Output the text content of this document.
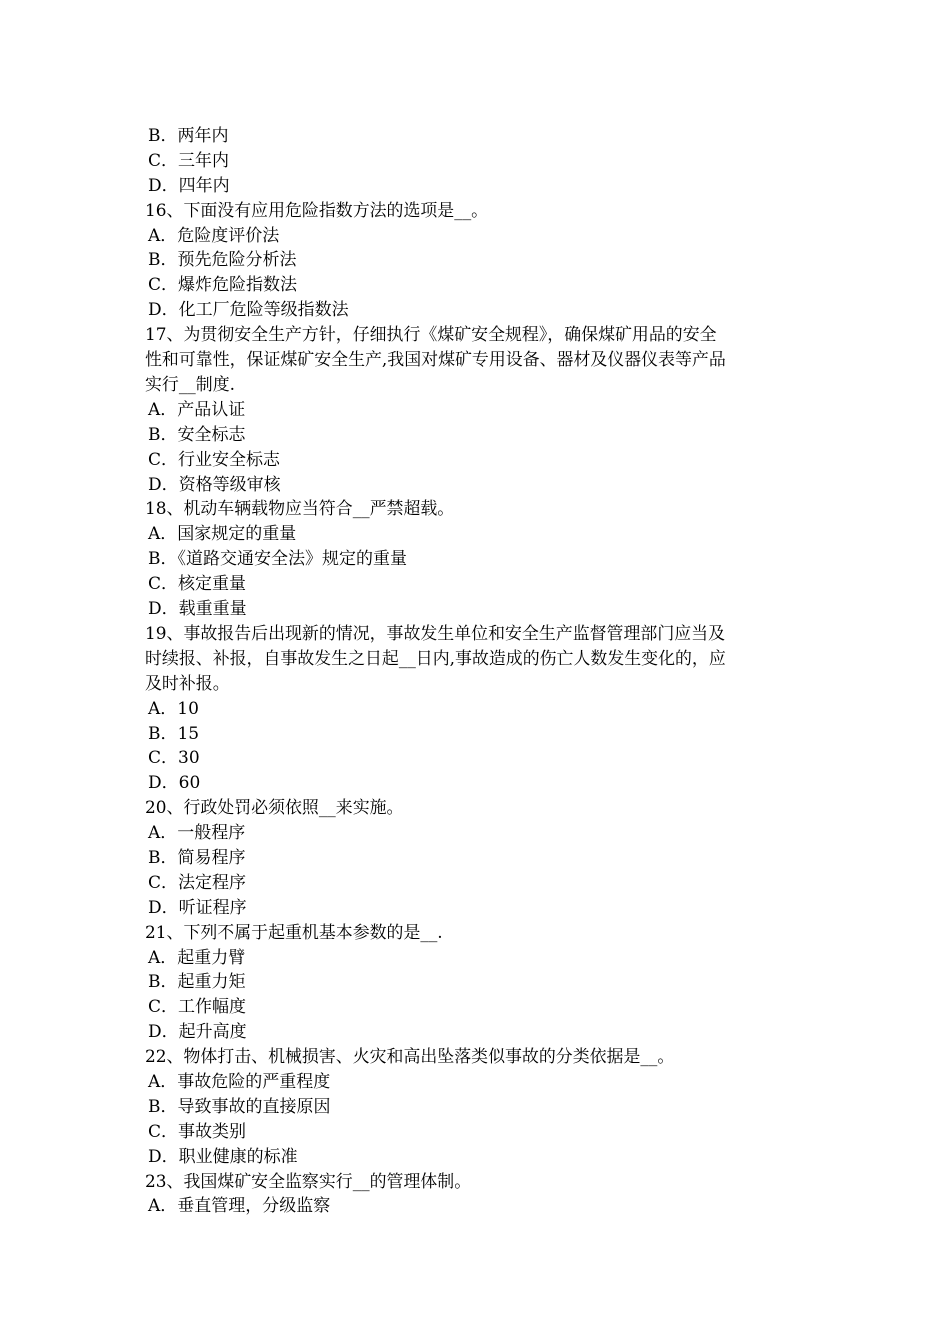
B．两年内
C．三年内
D．四年内
16、下面没有应用危险指数方法的选项是__。
A．危险度评价法
B．预先危险分析法
C．爆炸危险指数法
D．化工厂危险等级指数法
17、为贯彻安全生产方针，仔细执行《煤矿安全规程》，确保煤矿用品的安全性和可靠性，保证煤矿安全生产,我国对煤矿专用设备、器材及仪器仪表等产品实行__制度.
A．产品认证
B．安全标志
C．行业安全标志
D．资格等级审核
18、机动车辆载物应当符合__严禁超载。
A．国家规定的重量
B．《道路交通安全法》规定的重量
C．核定重量
D．载重重量
19、事故报告后出现新的情况，事故发生单位和安全生产监督管理部门应当及时续报、补报，自事故发生之日起__日内,事故造成的伤亡人数发生变化的，应及时补报。
A．10
B．15
C．30
D．60
20、行政处罚必须依照__来实施。
A．一般程序
B．简易程序
C．法定程序
D．听证程序
21、下列不属于起重机基本参数的是__.
A．起重力臂
B．起重力矩
C．工作幅度
D．起升高度
22、物体打击、机械损害、火灾和高出坠落类似事故的分类依据是__。
A．事故危险的严重程度
B．导致事故的直接原因
C．事故类别
D．职业健康的标准
23、我国煤矿安全监察实行__的管理体制。
A．垂直管理，分级监察
